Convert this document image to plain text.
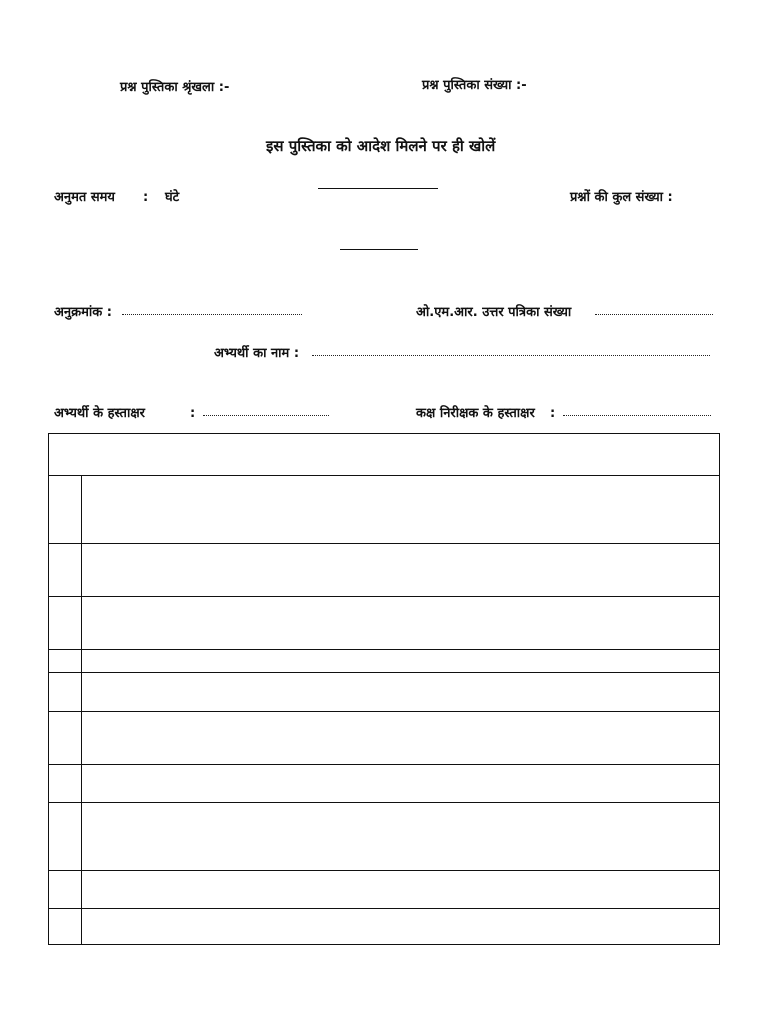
प्रश्न पुस्तिका श्रृंखला :-	प्रश्न पुस्तिका संख्या :-
इस पुस्तिका को आदेश मिलने पर ही खोलें
अनुमत समय : घंटे	प्रश्नों की कुल संख्या :
अनुक्रमांक :	ओ.एम.आर. उत्तर पत्रिका संख्या
अभ्यर्थी का नाम :
अभ्यर्थी के हस्ताक्षर	:	कक्ष निरीक्षक के हस्ताक्षर :
